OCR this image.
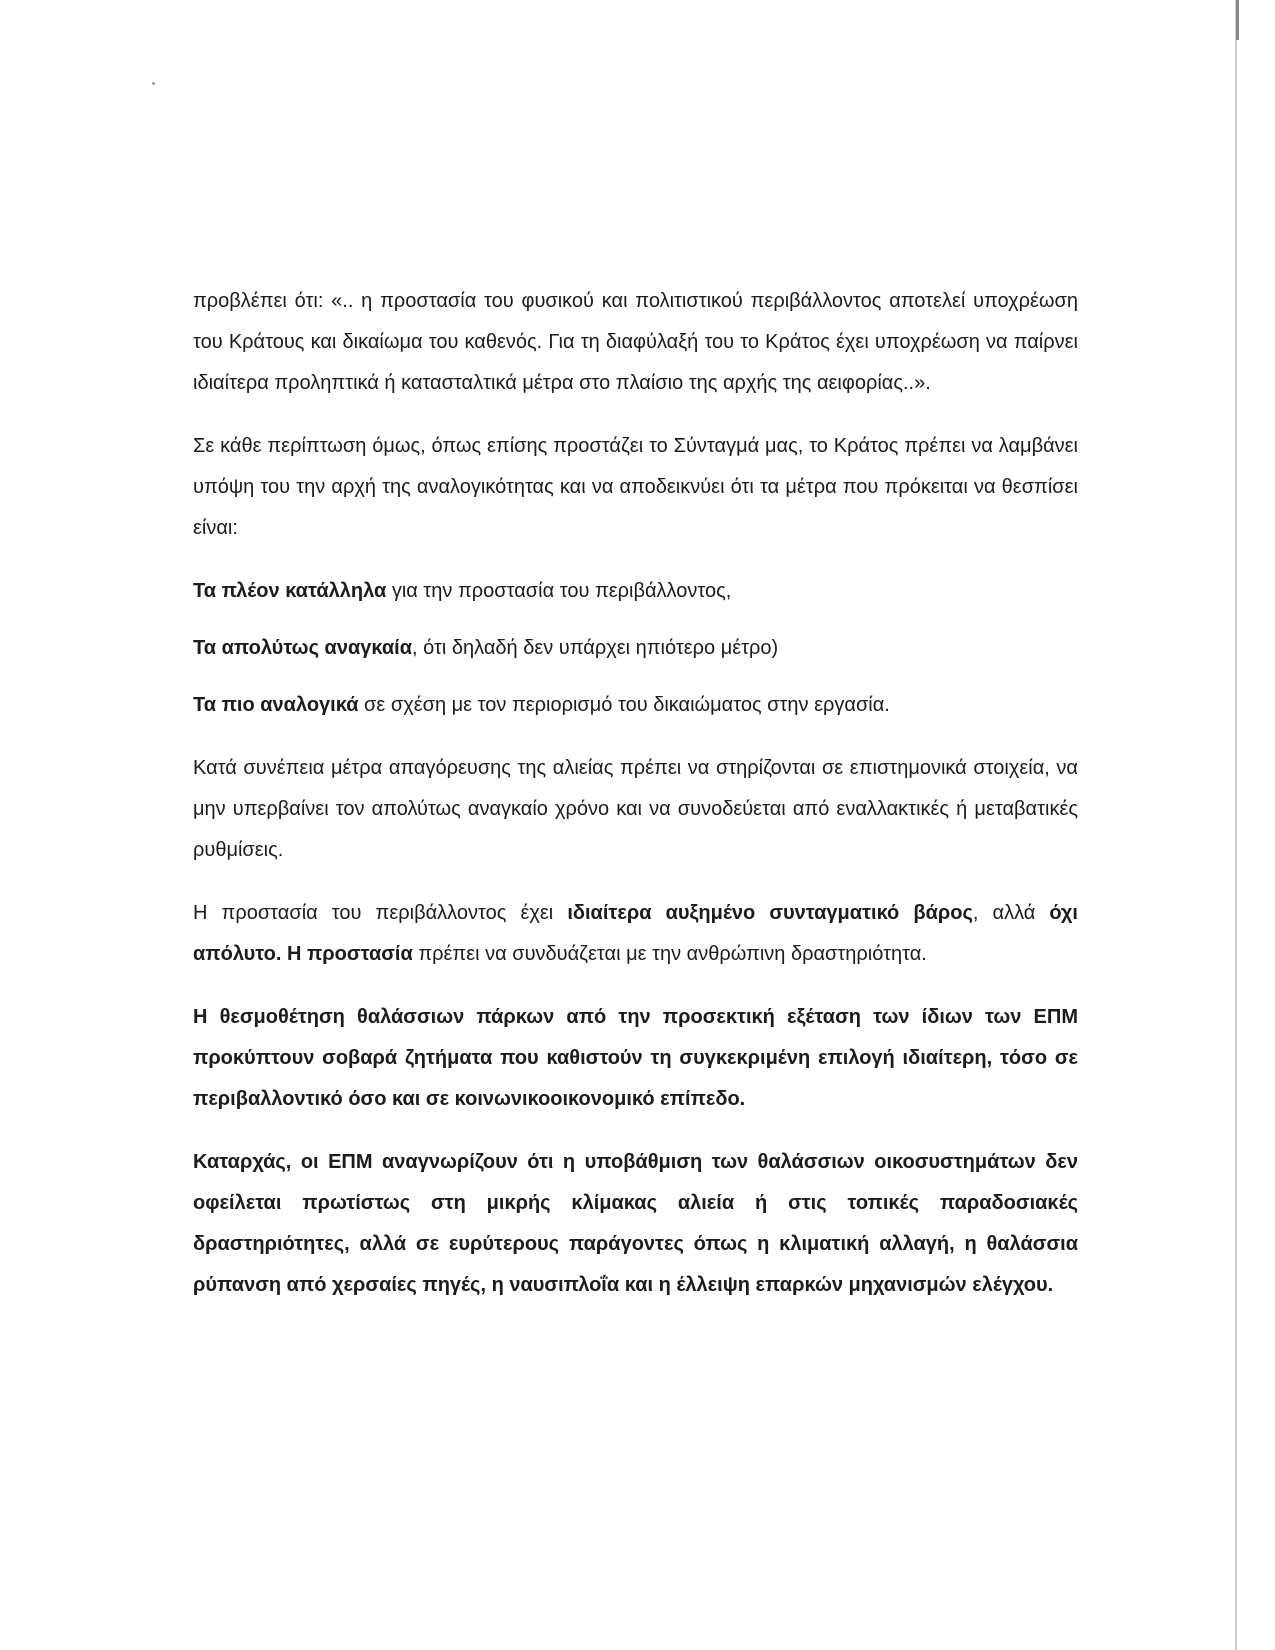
προβλέπει ότι: «.. η προστασία του φυσικού και πολιτιστικού περιβάλλοντος αποτελεί υποχρέωση του Κράτους και δικαίωμα του καθενός. Για τη διαφύλαξή του το Κράτος έχει υποχρέωση να παίρνει ιδιαίτερα προληπτικά ή κατασταλτικά μέτρα στο πλαίσιο της αρχής της αειφορίας..».

Σε κάθε περίπτωση όμως, όπως επίσης προστάζει το Σύνταγμά μας, το Κράτος πρέπει να λαμβάνει υπόψη του την αρχή της αναλογικότητας και να αποδεικνύει ότι τα μέτρα που πρόκειται να θεσπίσει είναι:

Τα πλέον κατάλληλα για την προστασία του περιβάλλοντος,

Τα απολύτως αναγκαία, ότι δηλαδή δεν υπάρχει ηπιότερο μέτρο)

Τα πιο αναλογικά σε σχέση με τον περιορισμό του δικαιώματος στην εργασία.

Κατά συνέπεια μέτρα απαγόρευσης της αλιείας πρέπει να στηρίζονται σε επιστημονικά στοιχεία, να μην υπερβαίνει τον απολύτως αναγκαίο χρόνο και να συνοδεύεται από εναλλακτικές ή μεταβατικές ρυθμίσεις.

Η προστασία του περιβάλλοντος έχει ιδιαίτερα αυξημένο συνταγματικό βάρος, αλλά όχι απόλυτο. Η προστασία πρέπει να συνδυάζεται με την ανθρώπινη δραστηριότητα.

Η θεσμοθέτηση θαλάσσιων πάρκων από την προσεκτική εξέταση των ίδιων των ΕΠΜ προκύπτουν σοβαρά ζητήματα που καθιστούν τη συγκεκριμένη επιλογή ιδιαίτερη, τόσο σε περιβαλλοντικό όσο και σε κοινωνικοοικονομικό επίπεδο.

Καταρχάς, οι ΕΠΜ αναγνωρίζουν ότι η υποβάθμιση των θαλάσσιων οικοσυστημάτων δεν οφείλεται πρωτίστως στη μικρής κλίμακας αλιεία ή στις τοπικές παραδοσιακές δραστηριότητες, αλλά σε ευρύτερους παράγοντες όπως η κλιματική αλλαγή, η θαλάσσια ρύπανση από χερσαίες πηγές, η ναυσιπλοΐα και η έλλειψη επαρκών μηχανισμών ελέγχου.
